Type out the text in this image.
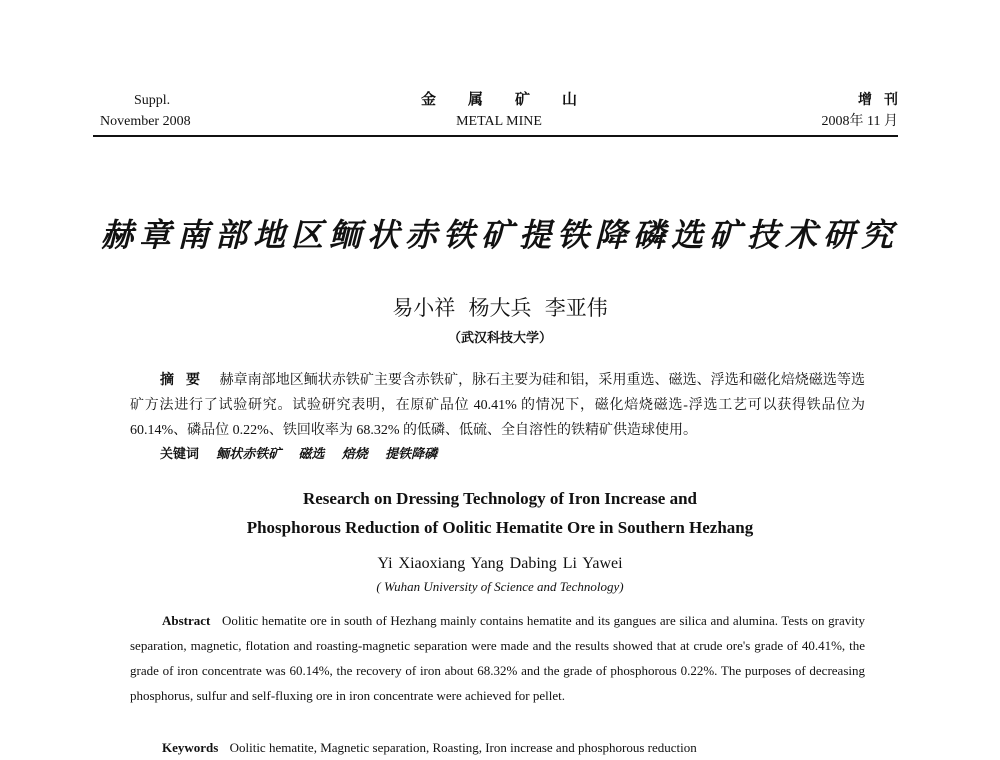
Suppl.
November 2008
金属矿山
METAL MINE
增刊
2008年 11 月
赫章南部地区鲕状赤铁矿提铁降磷选矿技术研究
易小祥 杨大兵 李亚伟
（武汉科技大学）
摘要 赫章南部地区鲕状赤铁矿主要含赤铁矿，脉石主要为硅和铝，采用重选、磁选、浮选和磁化焙烧磁选等选矿方法进行了试验研究。试验研究表明，在原矿品位 40.41% 的情况下，磁化焙烧磁选-浮选工艺可以获得铁品位为 60.14%、磷品位 0.22%、铁回收率为 68.32% 的低磷、低硫、全自溶性的铁精矿供造球使用。
关键词 鲕状赤铁矿 磁选 焙烧 提铁降磷
Research on Dressing Technology of Iron Increase and
Phosphorous Reduction of Oolitic Hematite Ore in Southern Hezhang
Yi Xiaoxiang Yang Dabing Li Yawei
( Wuhan University of Science and Technology)
Abstract Oolitic hematite ore in south of Hezhang mainly contains hematite and its gangues are silica and alumina. Tests on gravity separation, magnetic, flotation and roasting-magnetic separation were made and the results showed that at crude ore's grade of 40.41%, the grade of iron concentrate was 60.14%, the recovery of iron about 68.32% and the grade of phosphorous 0.22%. The purposes of decreasing phosphorus, sulfur and self-fluxing ore in iron concentrate were achieved for pellet.
Keywords Oolitic hematite, Magnetic separation, Roasting, Iron increase and phosphorous reduction
